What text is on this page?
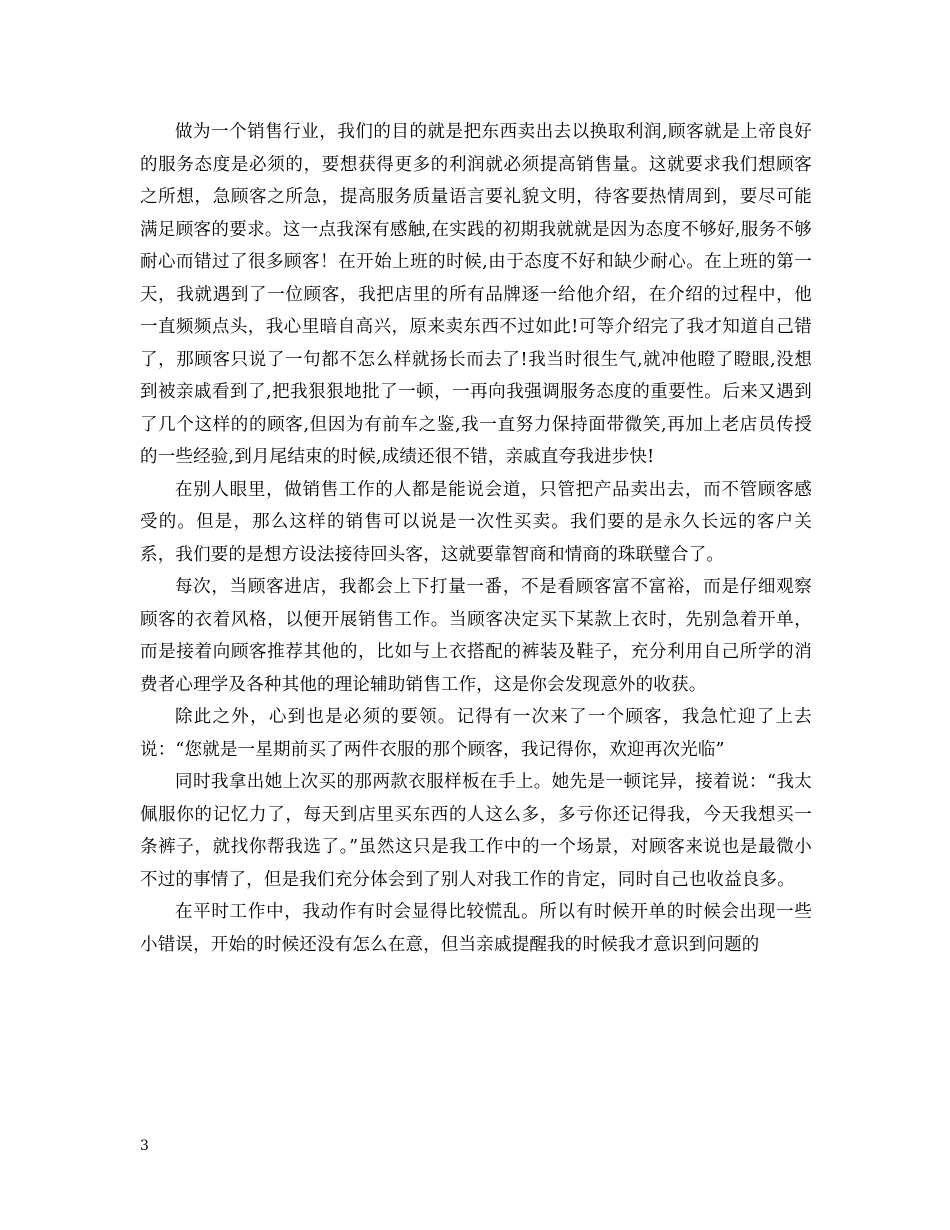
做为一个销售行业，我们的目的就是把东西卖出去以换取利润,顾客就是上帝良好的服务态度是必须的，要想获得更多的利润就必须提高销售量。这就要求我们想顾客之所想，急顾客之所急，提高服务质量语言要礼貌文明，待客要热情周到，要尽可能满足顾客的要求。这一点我深有感触,在实践的初期我就就是因为态度不够好,服务不够耐心而错过了很多顾客！在开始上班的时候,由于态度不好和缺少耐心。在上班的第一天，我就遇到了一位顾客，我把店里的所有品牌逐一给他介绍，在介绍的过程中，他一直频频点头，我心里暗自高兴，原来卖东西不过如此!可等介绍完了我才知道自己错了，那顾客只说了一句都不怎么样就扬长而去了!我当时很生气,就冲他瞪了瞪眼,没想到被亲戚看到了,把我狠狠地批了一顿，一再向我强调服务态度的重要性。后来又遇到了几个这样的的顾客,但因为有前车之鉴,我一直努力保持面带微笑,再加上老店员传授的一些经验,到月尾结束的时候,成绩还很不错，亲戚直夸我进步快!

在别人眼里，做销售工作的人都是能说会道，只管把产品卖出去，而不管顾客感受的。但是，那么这样的销售可以说是一次性买卖。我们要的是永久长远的客户关系，我们要的是想方设法接待回头客，这就要靠智商和情商的珠联璧合了。

每次，当顾客进店，我都会上下打量一番，不是看顾客富不富裕，而是仔细观察顾客的衣着风格，以便开展销售工作。当顾客决定买下某款上衣时，先别急着开单，而是接着向顾客推荐其他的，比如与上衣搭配的裤装及鞋子，充分利用自己所学的消费者心理学及各种其他的理论辅助销售工作，这是你会发现意外的收获。

除此之外，心到也是必须的要领。记得有一次来了一个顾客，我急忙迎了上去说：“您就是一星期前买了两件衣服的那个顾客，我记得你，欢迎再次光临”

同时我拿出她上次买的那两款衣服样板在手上。她先是一顿诧异，接着说：“我太佩服你的记忆力了，每天到店里买东西的人这么多，多亏你还记得我，今天我想买一条裤子，就找你帮我选了。”虽然这只是我工作中的一个场景，对顾客来说也是最微小不过的事情了，但是我们充分体会到了别人对我工作的肯定，同时自己也收益良多。

在平时工作中，我动作有时会显得比较慌乱。所以有时候开单的时候会出现一些小错误，开始的时候还没有怎么在意，但当亲戚提醒我的时候我才意识到问题的

3
